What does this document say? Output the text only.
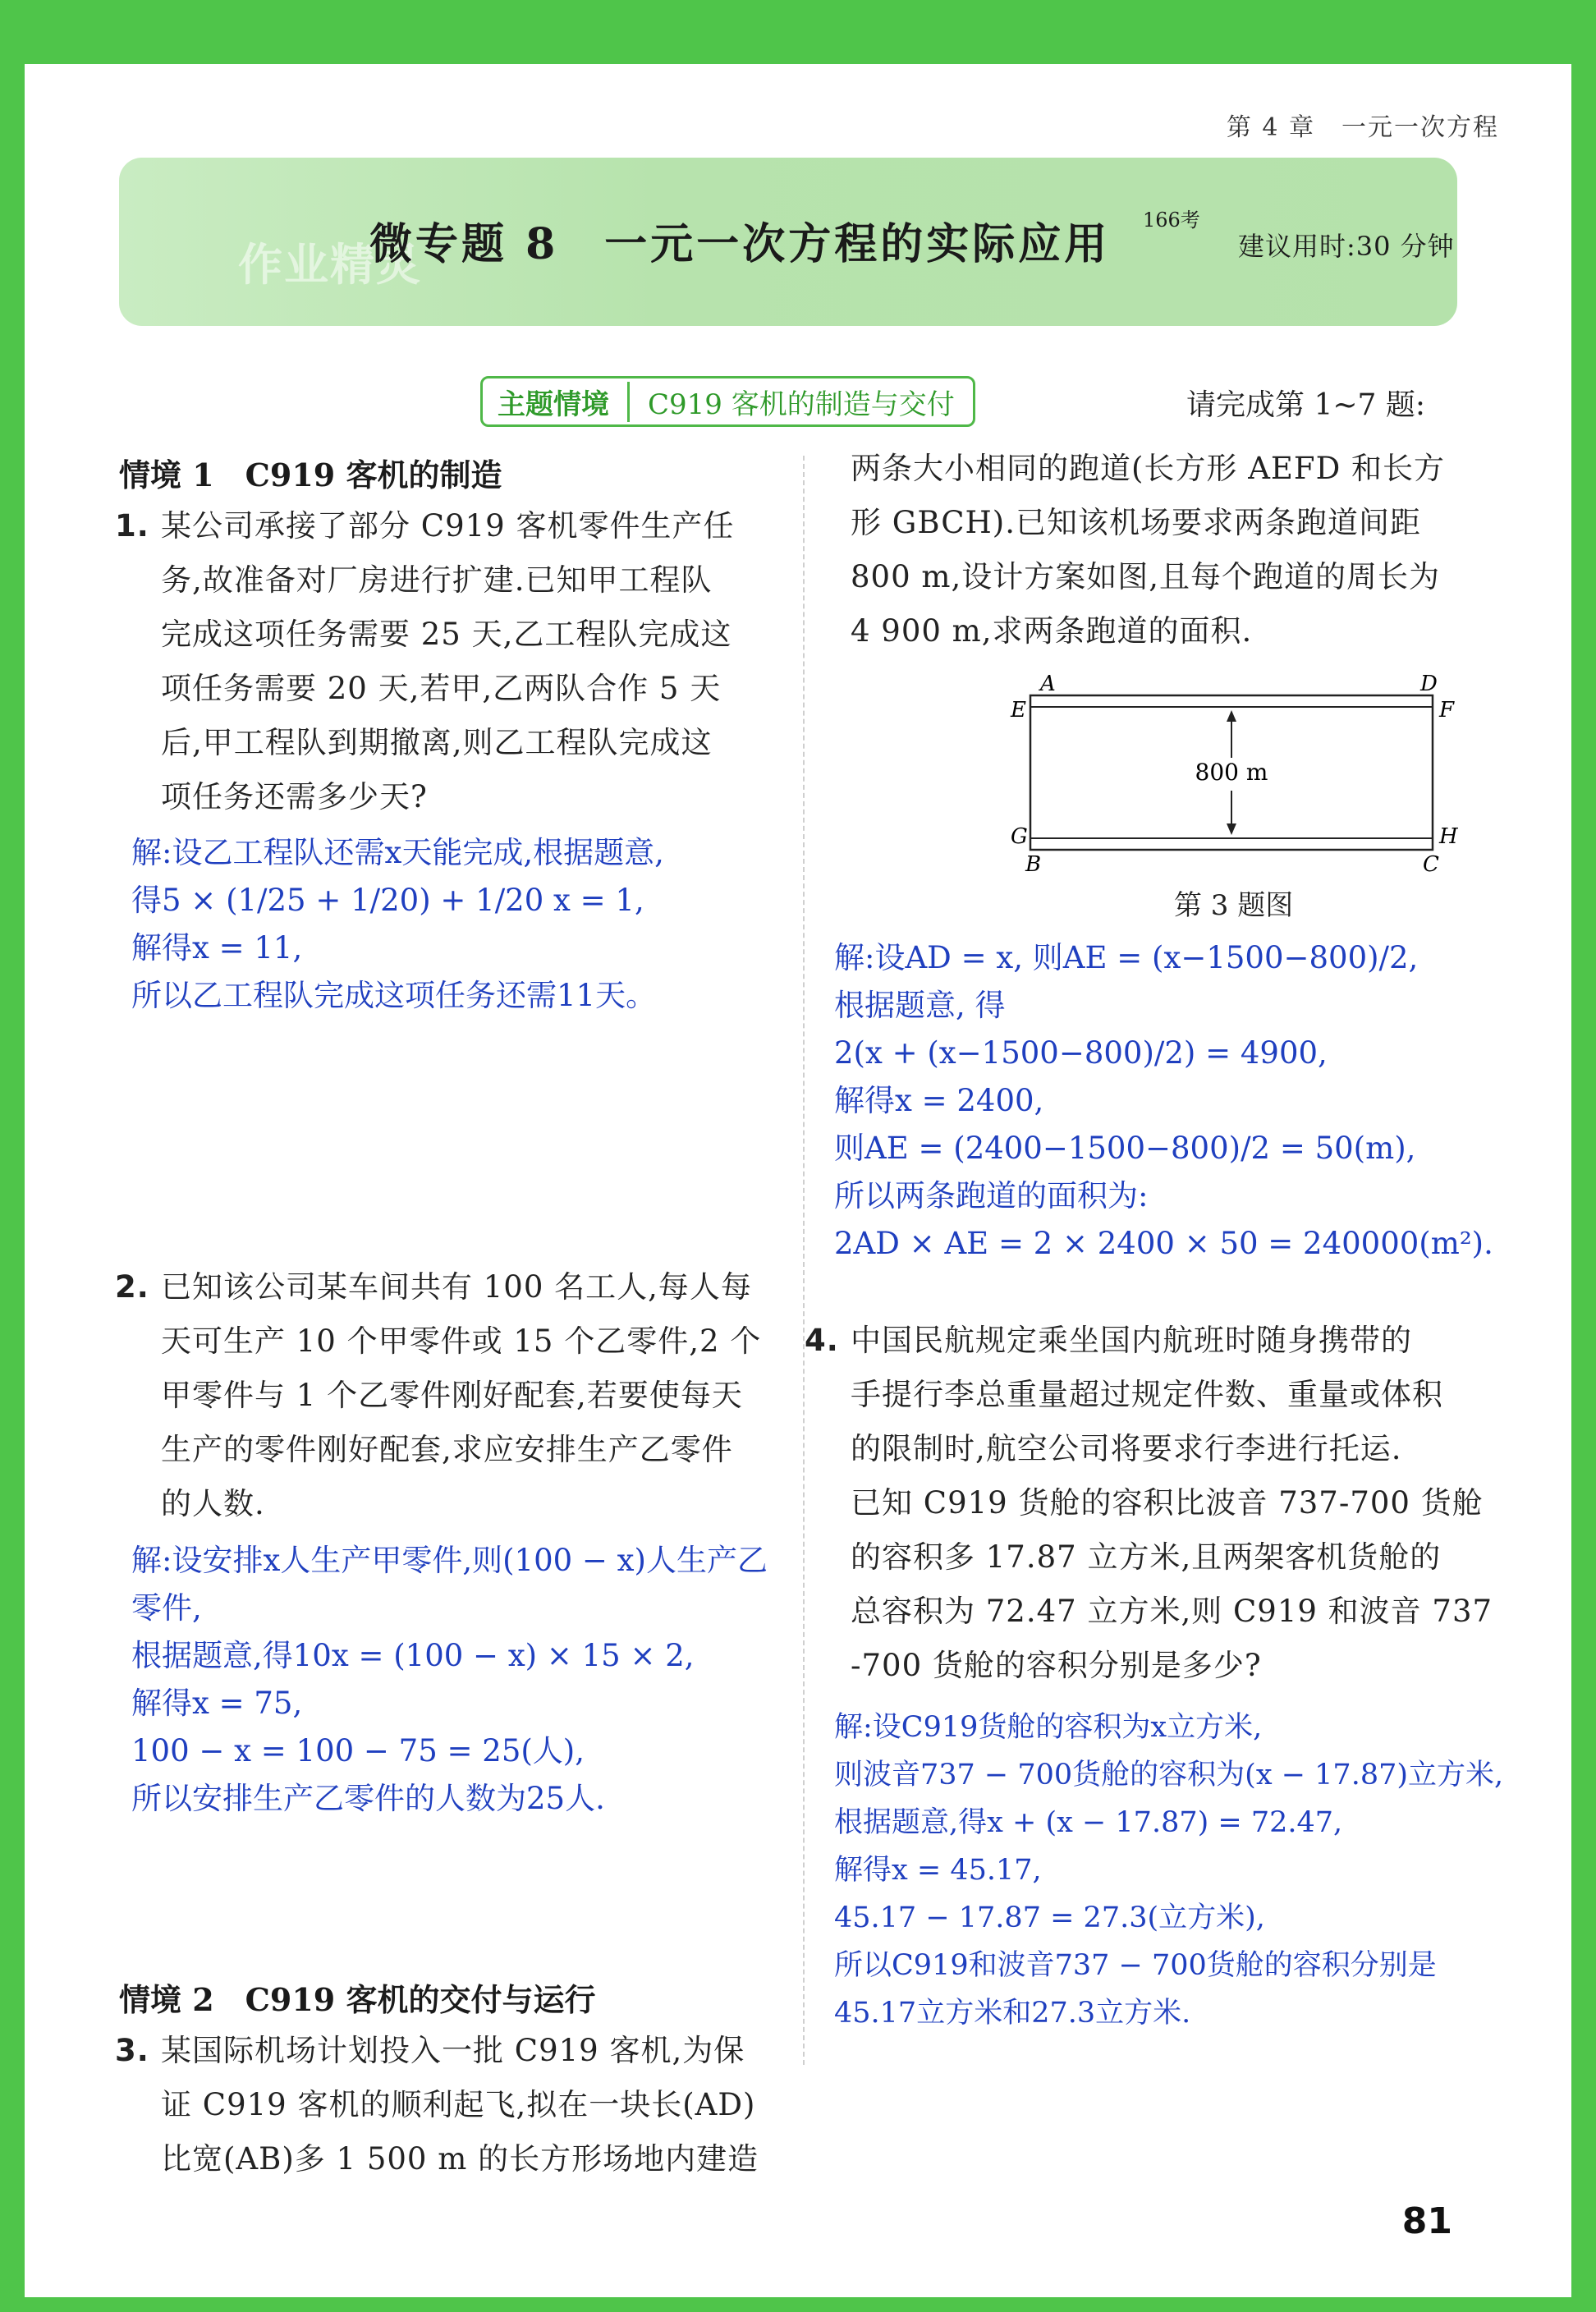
第 4 章　一元一次方程
作业精灵
微专题 8　一元一次方程的实际应用 166考
建议用时:30 分钟
主题情境	C919 客机的制造与交付	请完成第 1~7 题:
情境 1　C919 客机的制造
1. 某公司承接了部分 C919 客机零件生产任
务,故准备对厂房进行扩建.已知甲工程队
完成这项任务需要 25 天,乙工程队完成这
项任务需要 20 天,若甲,乙两队合作 5 天
后,甲工程队到期撤离,则乙工程队完成这
项任务还需多少天?
解:设乙工程队还需x天能完成,根据题意,
得5 × (1/25 + 1/20) + 1/20 x = 1,
解得x = 11,
所以乙工程队完成这项任务还需11天。
2. 已知该公司某车间共有 100 名工人,每人每
天可生产 10 个甲零件或 15 个乙零件,2 个
甲零件与 1 个乙零件刚好配套,若要使每天
生产的零件刚好配套,求应安排生产乙零件
的人数.
解:设安排x人生产甲零件,则(100 − x)人生产乙
零件,
根据题意,得10x = (100 − x) × 15 × 2,
解得x = 75,
100 − x = 100 − 75 = 25(人),
所以安排生产乙零件的人数为25人.
情境 2　C919 客机的交付与运行
3. 某国际机场计划投入一批 C919 客机,为保
证 C919 客机的顺利起飞,拟在一块长(AD)
比宽(AB)多 1 500 m 的长方形场地内建造
两条大小相同的跑道(长方形 AEFD 和长方
形 GBCH).已知该机场要求两条跑道间距
800 m,设计方案如图,且每个跑道的周长为
4 900 m,求两条跑道的面积.
800 m
A	D
E	F
G	H
B	C
第 3 题图
解:设AD = x, 则AE = (x−1500−800)/2,
根据题意, 得
2(x + (x−1500−800)/2) = 4900,
解得x = 2400,
则AE = (2400−1500−800)/2 = 50(m),
所以两条跑道的面积为:
2AD × AE = 2 × 2400 × 50 = 240000(m²).
4. 中国民航规定乘坐国内航班时随身携带的
手提行李总重量超过规定件数、重量或体积
的限制时,航空公司将要求行李进行托运.
已知 C919 货舱的容积比波音 737-700 货舱
的容积多 17.87 立方米,且两架客机货舱的
总容积为 72.47 立方米,则 C919 和波音 737
-700 货舱的容积分别是多少?
解:设C919货舱的容积为x立方米,
则波音737 − 700货舱的容积为(x − 17.87)立方米,
根据题意,得x + (x − 17.87) = 72.47,
解得x = 45.17,
45.17 − 17.87 = 27.3(立方米),
所以C919和波音737 − 700货舱的容积分别是
45.17立方米和27.3立方米.
81
